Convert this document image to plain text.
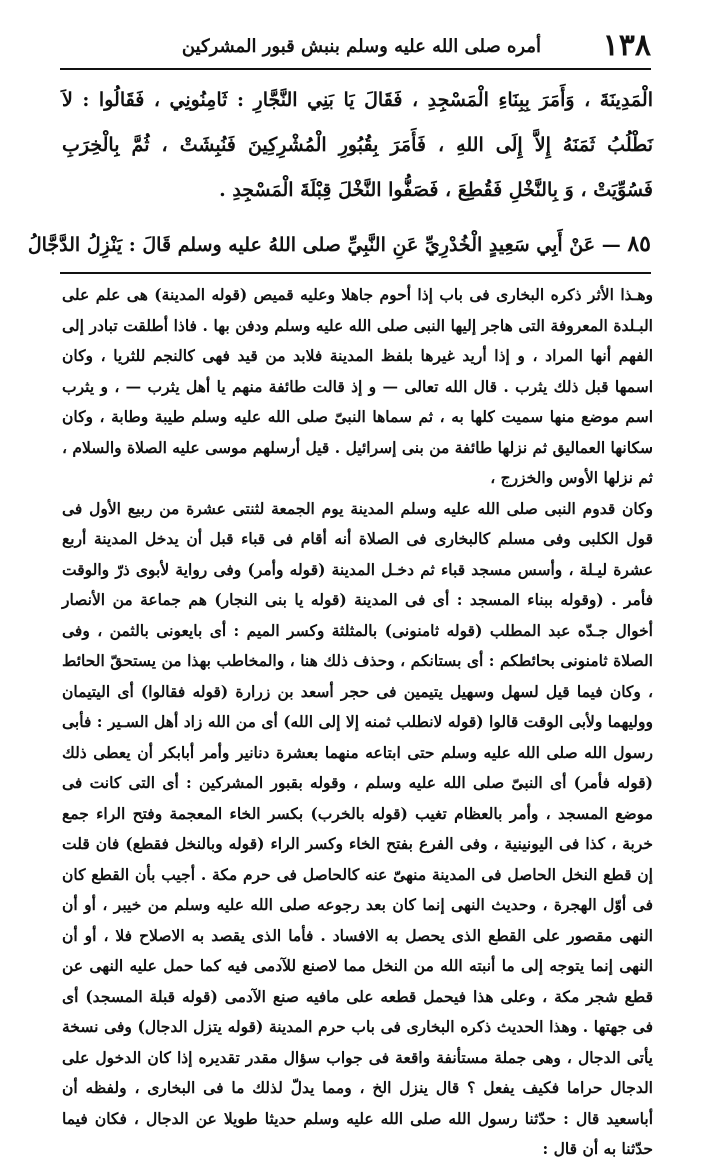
١٣٨
أمره صلى الله عليه وسلم بنبش قبور المشركين

الْمَدِينَةَ ، وَأَمَرَ بِبِنَاءِ الْمَسْجِدِ ، فَقَالَ يَا بَنِي النَّجَّارِ : ثَامِنُونِي ، فَقَالُوا : لاَ نَطْلُبُ ثَمَنَهُ إِلاَّ إِلَى اللهِ ، فَأَمَرَ بِقُبُورِ الْمُشْرِكِينَ فَنُبِشَتْ ، ثُمَّ بِالْخِرَبِ فَسُوِّيَتْ ، وَ بِالنَّخْلِ فَقُطِعَ ، فَصَفُّوا النَّخْلَ قِبْلَةَ الْمَسْجِدِ .

٨٥ — عَنْ أَبِي سَعِيدٍ الْخُدْرِيِّ عَنِ النَّبِيِّ صلى اللهُ عليه وسلم قَالَ : يَنْزِلُ الدَّجَّالُ

وهـذا الأثر ذكره البخارى فى باب إذا أحوم جاهلا وعليه قميص (قوله المدينة) هى علم على البـلدة المعروفة التى هاجر إليها النبى صلى الله عليه وسلم ودفن بها . فاذا أطلقت تبادر إلى الفهم أنها المراد ، و إذا أريد غيرها بلفظ المدينة فلابد من قيد فهى كالنجم للثريا ، وكان اسمها قبل ذلك يثرب . قال الله تعالى — و إذ قالت طائفة منهم يا أهل يثرب — ، و يثرب اسم موضع منها سميت كلها به ، ثم سماها النبىّ صلى الله عليه وسلم طيبة وطابة ، وكان سكانها العماليق ثم نزلها طائفة من بنى إسرائيل . قيل أرسلهم موسى عليه الصلاة والسلام ، ثم نزلها الأوس والخزرج ،

وكان قدوم النبى صلى الله عليه وسلم المدينة يوم الجمعة لثنتى عشرة من ربيع الأول فى قول الكلبى وفى مسلم كالبخارى فى الصلاة أنه أقام فى قباء قبل أن يدخل المدينة أربع عشرة ليـلة ، وأسس مسجد قباء ثم دخـل المدينة (قوله وأمر) وفى رواية لأبوى ذرّ والوقت فأمر . (وقوله ببناء المسجد : أى فى المدينة (قوله يا بنى النجار) هم جماعة من الأنصار أخوال جـدّه عبد المطلب (قوله ثامنونى) بالمثلثة وكسر الميم : أى بايعونى بالثمن ، وفى الصلاة ثامنونى بحائطكم : أى بستانكم ، وحذف ذلك هنا ، والمخاطب بهذا من يستحقّ الحائط ، وكان فيما قيل لسهل وسهيل يتيمين فى حجر أسعد بن زرارة (قوله فقالوا) أى اليتيمان ووليهما ولأبى الوقت قالوا (قوله لانطلب ثمنه إلا إلى الله) أى من الله زاد أهل السـير : فأبى رسول الله صلى الله عليه وسلم حتى ابتاعه منهما بعشرة دنانير وأمر أبابكر أن يعطى ذلك (قوله فأمر) أى النبىّ صلى الله عليه وسلم ، وقوله بقبور المشركين : أى التى كانت فى موضع المسجد ، وأمر بالعظام تغيب (قوله بالخرب) بكسر الخاء المعجمة وفتح الراء جمع خربة ، كذا فى اليونينية ، وفى الفرع بفتح الخاء وكسر الراء (قوله وبالنخل فقطع) فان قلت إن قطع النخل الحاصل فى المدينة منهىّ عنه كالحاصل فى حرم مكة . أجيب بأن القطع كان فى أوّل الهجرة ، وحديث النهى إنما كان بعد رجوعه صلى الله عليه وسلم من خيبر ، أو أن النهى مقصور على القطع الذى يحصل به الافساد . فأما الذى يقصد به الاصلاح فلا ، أو أن النهى إنما يتوجه إلى ما أنبته الله من النخل مما لاصنع للآدمى فيه كما حمل عليه النهى عن قطع شجر مكة ، وعلى هذا فيحمل قطعه على مافيه صنع الآدمى (قوله قبلة المسجد) أى فى جهتها . وهذا الحديث ذكره البخارى فى باب حرم المدينة (قوله يتزل الدجال) وفى نسخة يأتى الدجال ، وهى جملة مستأنفة واقعة فى جواب سؤال مقدر تقديره إذا كان الدخول على الدجال حراما فكيف يفعل ؟ قال ينزل الخ ، ومما يدلّ لذلك ما فى البخارى ، ولفظه أن أباسعيد قال : حدّثنا رسول الله صلى الله عليه وسلم حديثا طويلا عن الدجال ، فكان فيما حدّثنا به أن قال :
